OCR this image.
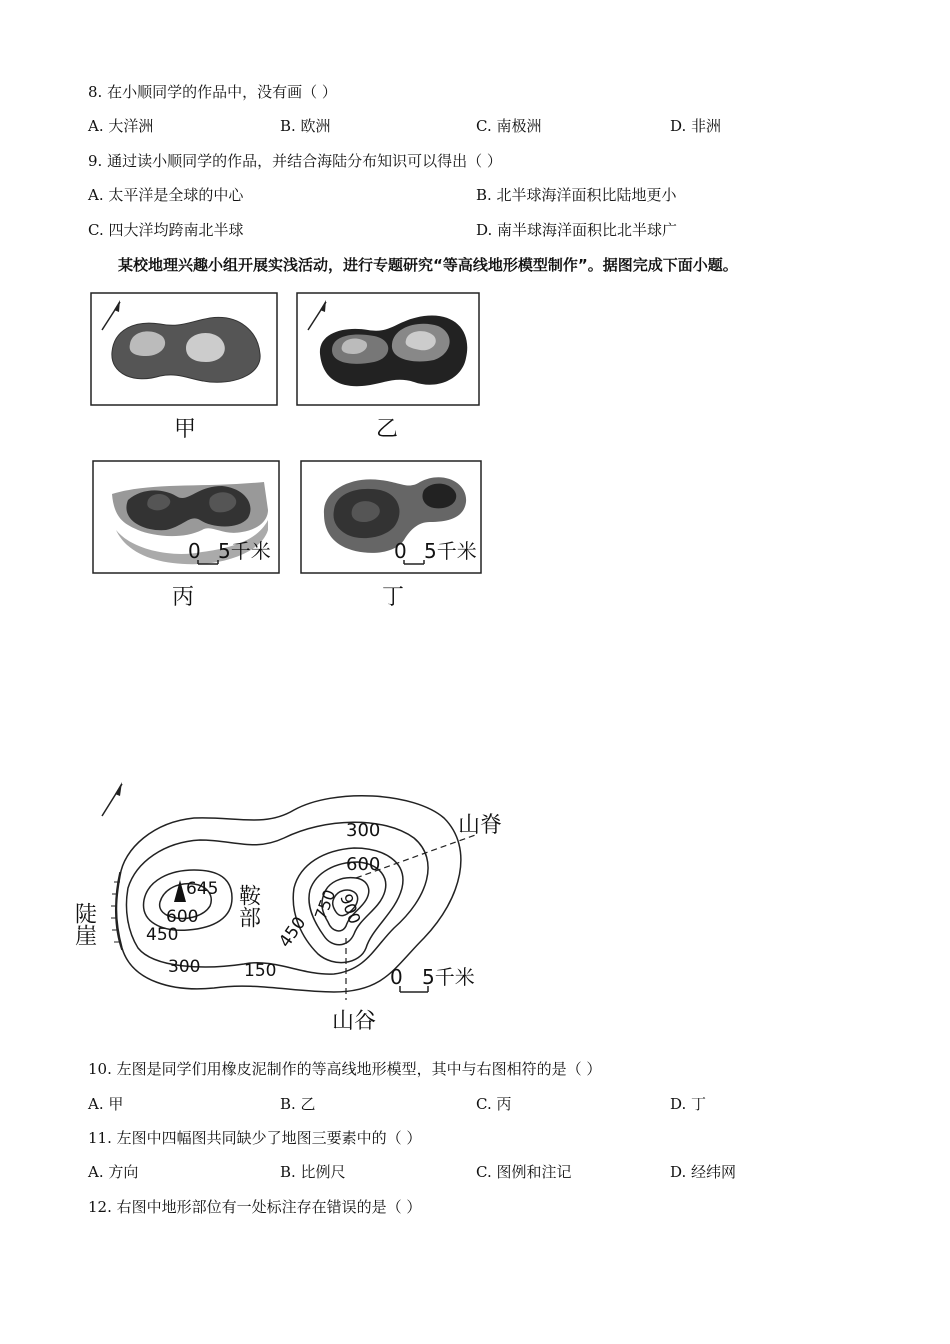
8. 在小顺同学的作品中，没有画（ ）
A. 大洋洲	B. 欧洲	C. 南极洲	D. 非洲
9. 通过读小顺同学的作品，并结合海陆分布知识可以得出（ ）
A. 太平洋是全球的中心	B. 北半球海洋面积比陆地更小
C. 四大洋均跨南北半球	D. 南半球海洋面积比北半球广
某校地理兴趣小组开展实浅活动，进行专题研究“等高线地形模型制作”。据图完成下面小题。
甲	乙
0 5千米
丙
0 5千米
丁
300
600
645
600
450
300	150
450
750
900
山脊
山谷
陡崖	鞍部
0 5千米
10. 左图是同学们用橡皮泥制作的等高线地形模型，其中与右图相符的是（ ）
A. 甲	B. 乙	C. 丙	D. 丁
11. 左图中四幅图共同缺少了地图三要素中的（ ）
A. 方向	B. 比例尺	C. 图例和注记	D. 经纬网
12. 右图中地形部位有一处标注存在错误的是（ ）
